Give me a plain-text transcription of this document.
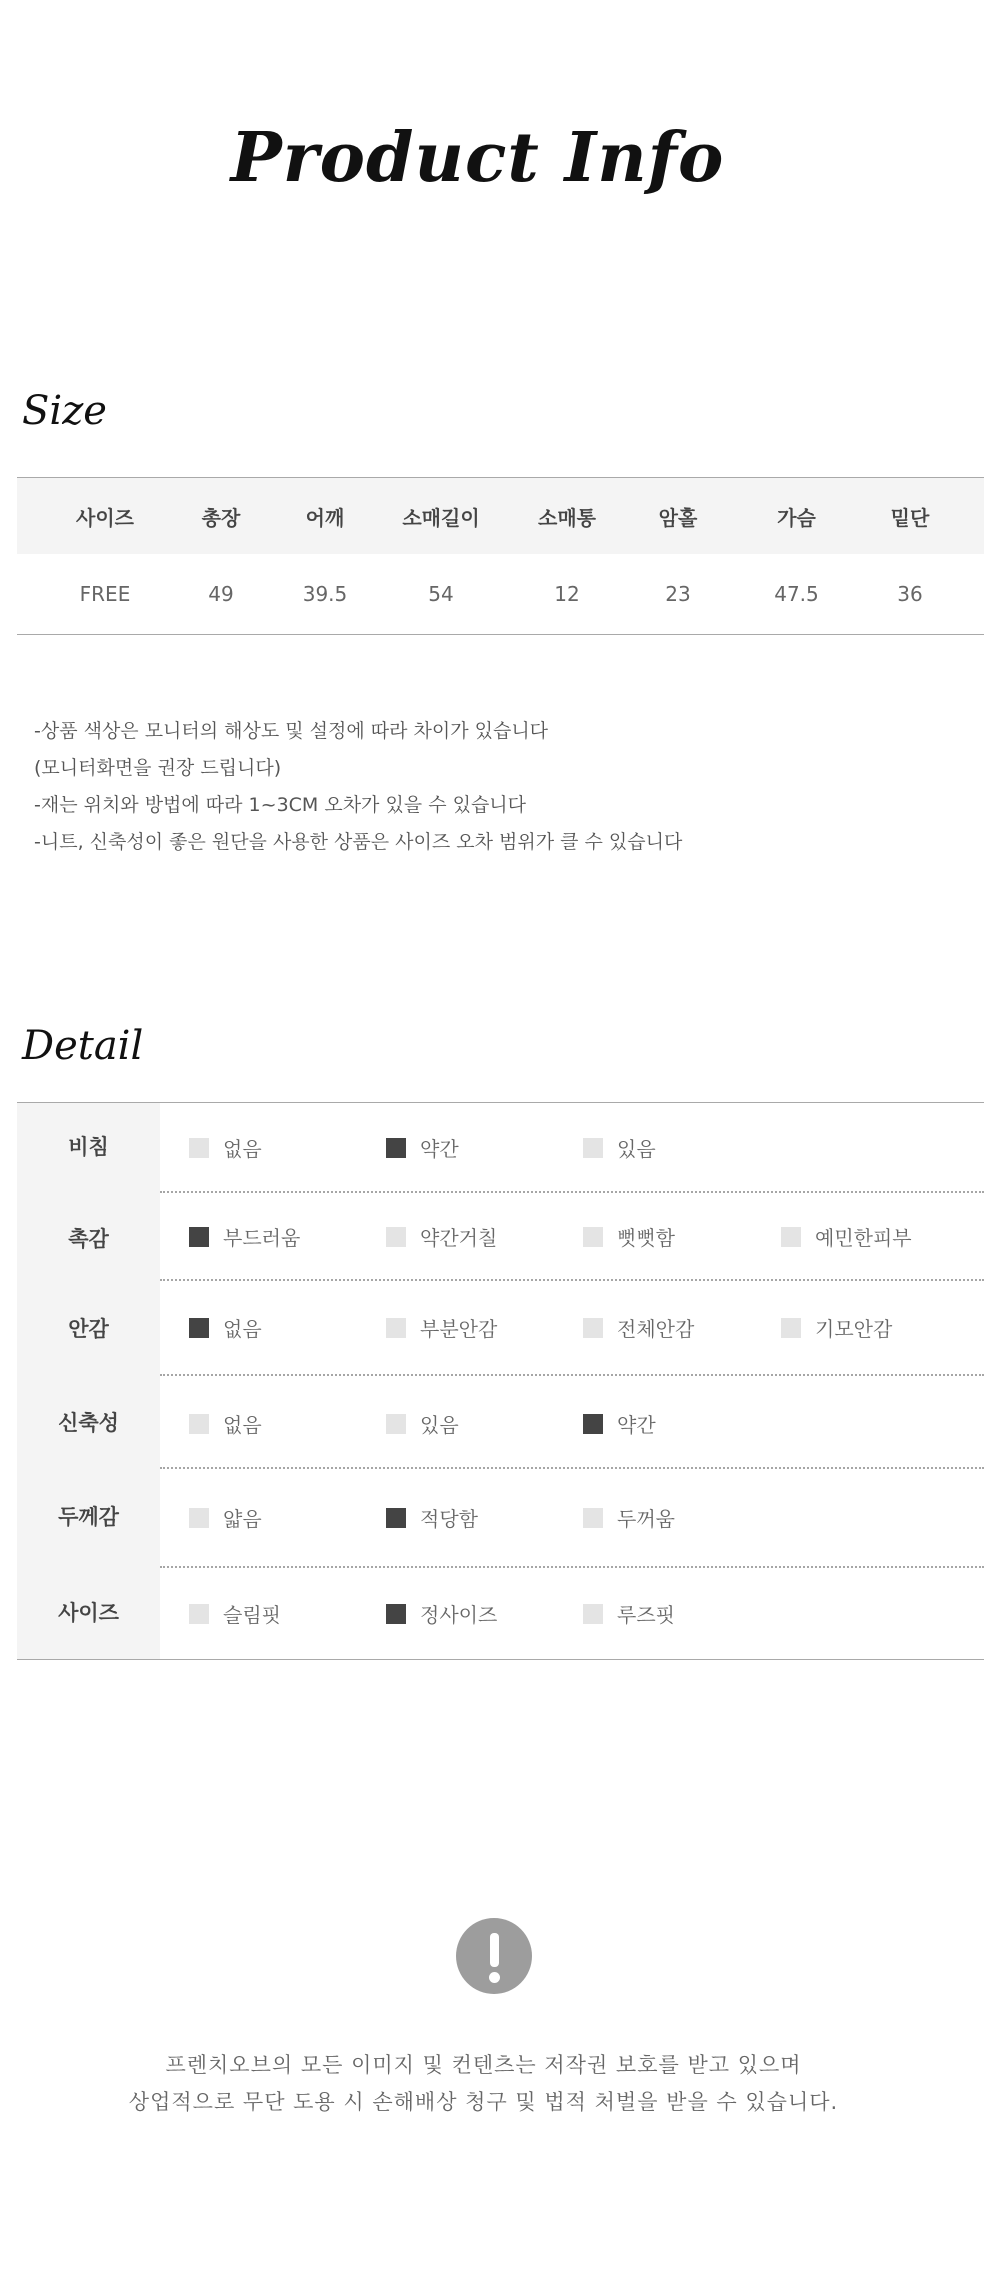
Product Info
Size
사이즈	총장	어깨	소매길이	소매통	암홀	가슴	밑단
FREE	49	39.5	54	12	23	47.5	36
-상품 색상은 모니터의 해상도 및 설정에 따라 차이가 있습니다
(모니터화면을 권장 드립니다)
-재는 위치와 방법에 따라 1~3CM 오차가 있을 수 있습니다
-니트, 신축성이 좋은 원단을 사용한 상품은 사이즈 오차 범위가 클 수 있습니다
Detail
비침	없음	약간	있음
촉감	부드러움	약간거칠	뻣뻣함	예민한피부
안감	없음	부분안감	전체안감	기모안감
신축성	없음	있음	약간
두께감	얇음	적당함	두꺼움
사이즈	슬림핏	정사이즈	루즈핏
프렌치오브의 모든 이미지 및 컨텐츠는 저작권 보호를 받고 있으며
상업적으로 무단 도용 시 손해배상 청구 및 법적 처벌을 받을 수 있습니다.
